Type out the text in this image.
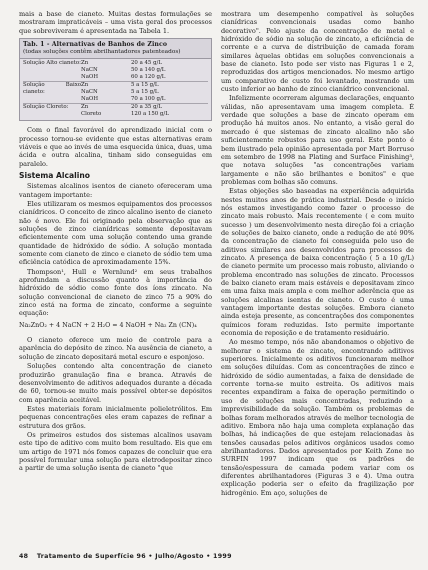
mais a base de cianeto. Muitas destas formulações se mostraram impraticáveis – uma vista geral dos processos que sobreviveram é apresentada na Tabela 1.

Tab. 1 - Alternativas de Banhos de Zinco
(todas soluções contêm abrilhantadores patenteados)
Solução Alto cianeto: Zn
NaCN
NaOH
20 a 45 g/L
50 a 140 g/L
60 a 120 g/L
Solução Baixo cianeto:
Zn
NaCN
NaOH
5 a 15 g/L
5 a 15 g/L
70 a 100 g/L
Solução Cloreto:	Zn
Cloreto
20 a 35 g/L
120 a 150 g/L

Com o final favorável do aprendizado inicial com o processo tornou-se evidente que estas alternativas eram viáveis e que ao invés de uma esquecida única, duas, uma ácida e outra alcalina, tinham sido conseguidas em paralelo.

Sistema Alcalino

Sistemas alcalinos isentos de cianeto ofereceram uma vantagem importante:

Eles utilizaram os mesmos equipamentos dos processos cianídricos. O conceito de zinco alcalino isento de cianeto não é novo. Ele foi originado pela observação que as soluções de zinco cianídricas somente depositavam eficientemente com uma solução contendo uma grande quantidade de hidróxido de sódio. A solução montada somente com cianeto de zinco e cianeto de sódio tem uma eficiência catódica de aproximadamente 15%.

Thompson¹, Hull e Wernlund² em seus trabalhos aprofundam a discussão quanto à importância do hidróxido de sódio como fonte dos íons zincato. Na solução convencional de cianeto de zinco 75 a 90% do zinco está na forma de zincato, conforme a seguinte equação:

Na₂ZnO₂ + 4 NaCN + 2 H₂O = 4 NaOH + Na₂ Zn (CN)₄

O cianeto oferece um meio de controle para a aparência do depósito de zinco. Na ausência de cianeto, a solução de zincato depositará metal escuro e esponjoso.

Soluções contendo alta concentração de cianeto produzirão granulação fina e branca. Através de desenvolvimento de aditivos adequados durante a década de 60, tornou-se muito mais possível obter-se depósitos com aparência aceitável.

Estes materiais foram inicialmente polieletrólitos. Em pequenas concentrações eles eram capazes de refinar a estrutura dos grãos.

Os primeiros estudos dos sistemas alcalinos usavam este tipo de aditivo com muito bom resultado. Eis que em um artigo de 1971 nós fomos capazes de concluir que era possível formular uma solução para eletrodepositar zinco a partir de uma solução isenta de cianeto "que

mostrara um desempenho compatível às soluções cianídricas convencionais usadas como banho decorativo". Pelo ajuste da concentração de metal e hidróxido de sódio na solução de zincato, a eficiência de corrente e a curva de distribuição de camada foram similares àquelas obtidas em soluções convencionais a base de cianeto. Isto pode ser visto nas Figuras 1 e 2, reproduzidas dos artigos mencionados. No mesmo artigo um comparativo de custo foi levantado, mostrando um custo inferior ao banho de zinco cianídrico convencional.

Infelizmente ocorreram algumas declarações, enquanto válidas, não apresentavam uma imagem completa. É verdade que soluções a base de zincato operam em produção há muitos anos. No entanto, a visão geral do mercado é que sistemas de zincato alcalino não são suficientemente robustos para uso geral. Este ponto é bem ilustrado pela opinião apresentada por Mart Borruso em setembro de 1998 na Plating and Surface Finishing³, que notava soluções "as concentrações variam largamente e não são brilhantes e bonitos" e que problemas com bolhas são comuns.

Estas objeções são baseadas na experiência adquirida nestes muitos anos de prática industrial. Desde o início nós estamos investigando como fazer o processo de zincato mais robusto. Mais recentemente ( e com muito sucesso ) um desenvolvimento nesta direção foi a criação de soluções de baixo cianeto, onde a redução de até 90% da concentração de cianeto foi conseguida pelo uso de aditivos similares aos desenvolvidos para processos de zincato. A presença de baixa concentração ( 5 a 10 g/L) de cianeto permite um processo mais robusto, aliviando o problema encontrado nas soluções de zincato. Processos de baixo cianeto eram mais estáveis e depositavam zinco em uma faixa mais ampla e com melhor aderência que as soluções alcalinas isentas de cianeto. O custo é uma vantagem importante destas soluções. Embora cianeto ainda esteja presente, as concentrações dos componentes químicos foram reduzidas. Isto permite importante economia de reposição e de tratamento residuário.

Ao mesmo tempo, nós não abandonamos o objetivo de melhorar o sistema de zincato, encontrando aditivos superiores. Inicialmente os aditivos funcionaram melhor em soluções diluídas. Com as concentrações de zinco e hidróxido de sódio aumentadas, a faixa de densidade de corrente torna-se muito estreita. Os aditivos mais recentes expandiram a faixa de operação permitindo o uso de soluções mais concentradas, reduzindo a imprevisibilidade da solução. Também os problemas de bolhas foram melhorados através de melhor tecnologia de aditivo. Embora não haja uma completa explanação das bolhas, há indicações de que estejam relacionadas às tensões causadas pelos aditivos orgânicos usados como abrilhantadores. Dados apresentados por Keith Zone no SURFIN 1997 indicam que os padrões de tensão/espessura de camada podem variar com os diferentes abrilhantadores (Figuras 3 e 4). Uma outra explicação poderia ser o efeito da fragilização por hidrogênio. Em aço, soluções de

48 Tratamento de Superfície 96 • Julho/Agosto • 1999
